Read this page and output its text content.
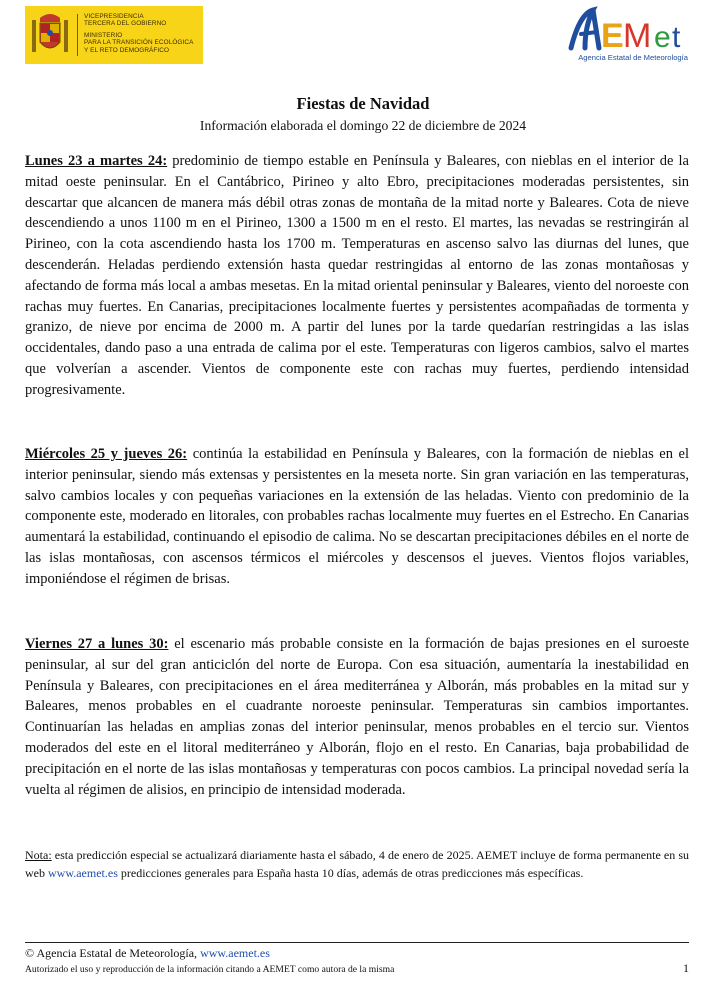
VICEPRESIDENCIA
TERCERA DEL GOBIERNO
MINISTERIO
PARA LA TRANSICIÓN ECOLÓGICA
Y EL RETO DEMOGRÁFICO	E M e t
Agencia Estatal de Meteorología
Fiestas de Navidad
Información elaborada el domingo 22 de diciembre de 2024
Lunes 23 a martes 24: predominio de tiempo estable en Península y Baleares, con nieblas en el interior de la mitad oeste peninsular. En el Cantábrico, Pirineo y alto Ebro, precipitaciones moderadas persistentes, sin descartar que alcancen de manera más débil otras zonas de montaña de la mitad norte y Baleares. Cota de nieve descendiendo a unos 1100 m en el Pirineo, 1300 a 1500 m en el resto. El martes, las nevadas se restringirán al Pirineo, con la cota ascendiendo hasta los 1700 m. Temperaturas en ascenso salvo las diurnas del lunes, que descenderán. Heladas perdiendo extensión hasta quedar restringidas al entorno de las zonas montañosas y afectando de forma más local a ambas mesetas. En la mitad oriental peninsular y Baleares, viento del noroeste con rachas muy fuertes. En Canarias, precipitaciones localmente fuertes y persistentes acompañadas de tormenta y granizo, de nieve por encima de 2000 m. A partir del lunes por la tarde quedarían restringidas a las islas occidentales, dando paso a una entrada de calima por el este. Temperaturas con ligeros cambios, salvo el martes que volverían a ascender. Vientos de componente este con rachas muy fuertes, perdiendo intensidad progresivamente.
Miércoles 25 y jueves 26: continúa la estabilidad en Península y Baleares, con la formación de nieblas en el interior peninsular, siendo más extensas y persistentes en la meseta norte. Sin gran variación en las temperaturas, salvo cambios locales y con pequeñas variaciones en la extensión de las heladas. Viento con predominio de la componente este, moderado en litorales, con probables rachas localmente muy fuertes en el Estrecho. En Canarias aumentará la estabilidad, continuando el episodio de calima. No se descartan precipitaciones débiles en el norte de las islas montañosas, con ascensos térmicos el miércoles y descensos el jueves. Vientos flojos variables, imponiéndose el régimen de brisas.
Viernes 27 a lunes 30: el escenario más probable consiste en la formación de bajas presiones en el suroeste peninsular, al sur del gran anticiclón del norte de Europa. Con esa situación, aumentaría la inestabilidad en Península y Baleares, con precipitaciones en el área mediterránea y Alborán, más probables en la mitad sur y Baleares, menos probables en el cuadrante noroeste peninsular. Temperaturas sin cambios importantes. Continuarían las heladas en amplias zonas del interior peninsular, menos probables en el tercio sur. Vientos moderados del este en el litoral mediterráneo y Alborán, flojo en el resto. En Canarias, baja probabilidad de precipitación en el norte de las islas montañosas y temperaturas con pocos cambios. La principal novedad sería la vuelta al régimen de alisios, en principio de intensidad moderada.
Nota: esta predicción especial se actualizará diariamente hasta el sábado, 4 de enero de 2025. AEMET incluye de forma permanente en su web www.aemet.es predicciones generales para España hasta 10 días, además de otras predicciones más específicas.
© Agencia Estatal de Meteorología, www.aemet.es
Autorizado el uso y reproducción de la información citando a AEMET como autora de la misma	1
